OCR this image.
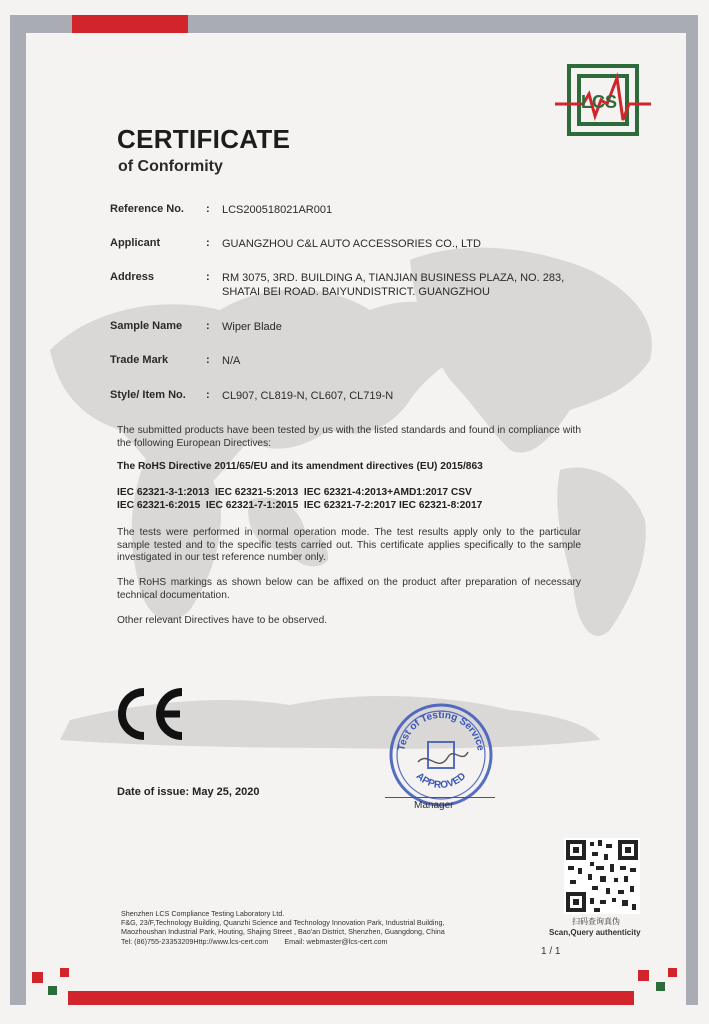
LCS
CERTIFICATE
of Conformity
Reference No.	: LCS200518021AR001
Applicant	: GUANGZHOU C&L AUTO ACCESSORIES CO., LTD
Address	: RM 3075, 3RD. BUILDING A, TIANJIAN BUSINESS PLAZA, NO. 283, SHATAI BEI ROAD. BAIYUNDISTRICT. GUANGZHOU
Sample Name	: Wiper Blade
Trade Mark	: N/A
Style/ Item No.	: CL907, CL819-N, CL607, CL719-N
The submitted products have been tested by us with the listed standards and found in compliance with the following European Directives:
The RoHS Directive 2011/65/EU and its amendment directives (EU) 2015/863
IEC 62321-3-1:2013  IEC 62321-5:2013  IEC 62321-4:2013+AMD1:2017 CSV
IEC 62321-6:2015  IEC 62321-7-1:2015  IEC 62321-7-2:2017 IEC 62321-8:2017
The tests were performed in normal operation mode. The test results apply only to the particular sample tested and to the specific tests carried out. This certificate applies specifically to the sample investigated in our test reference number only.
The RoHS markings as shown below can be affixed on the product after preparation of necessary technical documentation.
Other relevant Directives have to be observed.
Date of issue: May 25, 2020
Test of Testing Service
APPROVED
Manager
扫码查询真伪
Scan,Query authenticity
Shenzhen LCS Compliance Testing Laboratory Ltd.
F&G, 23/F,Technology Building, Quanzhi Science and Technology Innovation Park, Industrial Building,
Maozhoushan Industrial Park, Houting, Shajing Street , Bao'an District, Shenzhen, Guangdong, China
Tel: (86)755-23353209Http://www.lcs-cert.com        Email: webmaster@lcs-cert.com
1 / 1
